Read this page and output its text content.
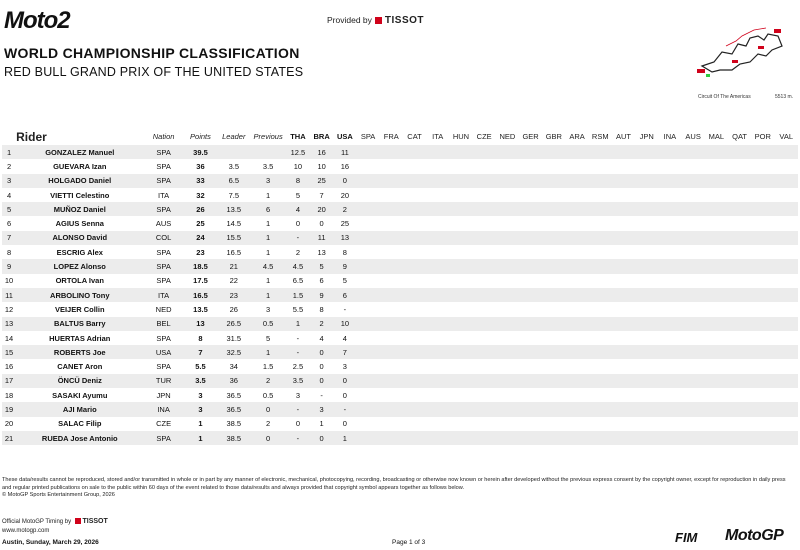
Moto2	Provided by TISSOT
WORLD CHAMPIONSHIP CLASSIFICATION
RED BULL GRAND PRIX OF THE UNITED STATES
Circuit Of The Americas	5513 m.
	Rider	Nation	Points	Leader	Previous	THA	BRA	USA	SPA	FRA	CAT	ITA	HUN	CZE	NED	GER	GBR	ARA	RSM	AUT	JPN	INA	AUS	MAL	QAT	POR	VAL
1	GONZALEZ Manuel	SPA	39.5			12.5	16	11																			
2	GUEVARA Izan	SPA	36	3.5	3.5	10	10	16																			
3	HOLGADO Daniel	SPA	33	6.5	3	8	25	0																			
4	VIETTI Celestino	ITA	32	7.5	1	5	7	20																			
5	MUÑOZ Daniel	SPA	26	13.5	6	4	20	2																			
6	AGIUS Senna	AUS	25	14.5	1	0	0	25																			
7	ALONSO David	COL	24	15.5	1	-	11	13																			
8	ESCRIG Alex	SPA	23	16.5	1	2	13	8																			
9	LOPEZ Alonso	SPA	18.5	21	4.5	4.5	5	9																			
10	ORTOLA Ivan	SPA	17.5	22	1	6.5	6	5																			
11	ARBOLINO Tony	ITA	16.5	23	1	1.5	9	6																			
12	VEIJER Collin	NED	13.5	26	3	5.5	8	-																			
13	BALTUS Barry	BEL	13	26.5	0.5	1	2	10																			
14	HUERTAS Adrian	SPA	8	31.5	5	-	4	4																			
15	ROBERTS Joe	USA	7	32.5	1	-	0	7																			
16	CANET Aron	SPA	5.5	34	1.5	2.5	0	3																			
17	ÖNCÜ Deniz	TUR	3.5	36	2	3.5	0	0																			
18	SASAKI Ayumu	JPN	3	36.5	0.5	3	-	0																			
19	AJI Mario	INA	3	36.5	0	-	3	-																			
20	SALAC Filip	CZE	1	38.5	2	0	1	0																			
21	RUEDA Jose Antonio	SPA	1	38.5	0	-	0	1																			
These data/results cannot be reproduced, stored and/or transmitted in whole or in part by any manner of electronic, mechanical, photocopying, recording, broadcasting or otherwise now known or herein after developed without the previous express consent by the copyright owner, except for reproduction in daily press and regular printed publications on sale to the public within 60 days of the event related to those data/results and always provided that copyright symbol appears together as follows below.
© MotoGP Sports Entertainment Group, 2026
Official MotoGP Timing by TISSOT
www.motogp.com
Austin, Sunday, March 29, 2026	Page 1 of 3	FIM MotoGP
